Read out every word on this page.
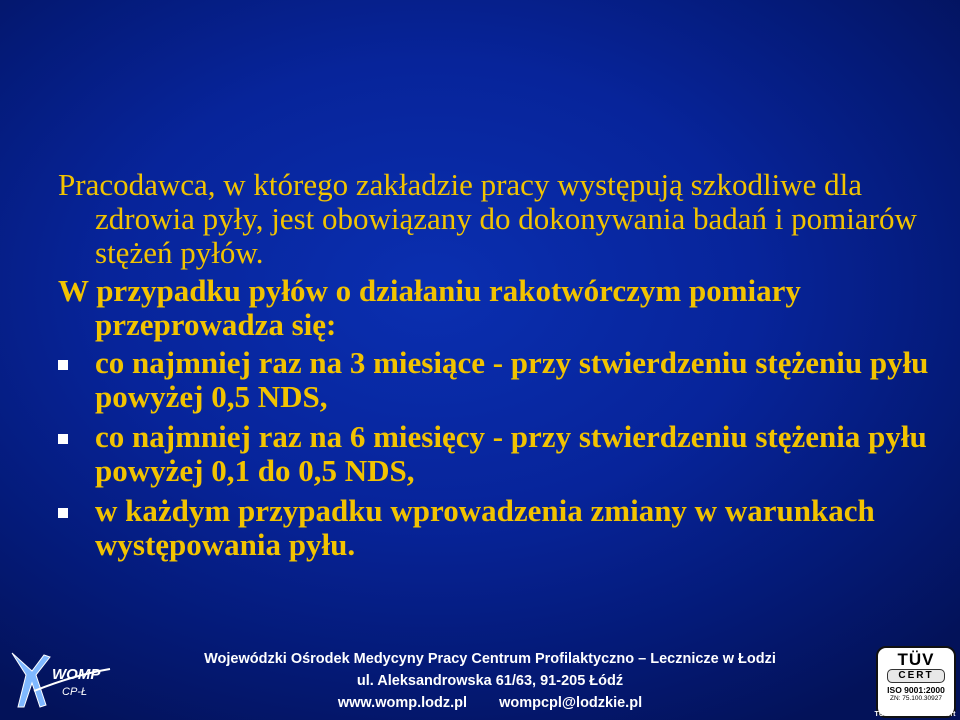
Pracodawca, w którego zakładzie pracy występują szkodliwe dla zdrowia pyły, jest obowiązany do dokonywania badań i pomiarów stężeń pyłów.

W przypadku pyłów o działaniu rakotwórczym pomiary przeprowadza się:

co najmniej raz na 3 miesiące - przy stwierdzeniu stężeniu pyłu powyżej 0,5 NDS,
co najmniej raz na 6 miesięcy - przy stwierdzeniu stężenia pyłu powyżej 0,1 do 0,5 NDS,
w każdym przypadku wprowadzenia zmiany w warunkach występowania pyłu.
WOMP
CP-Ł
Wojewódzki Ośrodek Medycyny Pracy Centrum Profilaktyczno – Lecznicze w Łodzi
ul. Aleksandrowska 61/63, 91-205 Łódź
www.womp.lodz.pl wompcpl@lodzkie.pl
TÜV
CERT
ISO 9001:2000
ZN: 75.100.30927
TÜV Rheinland InterCert
